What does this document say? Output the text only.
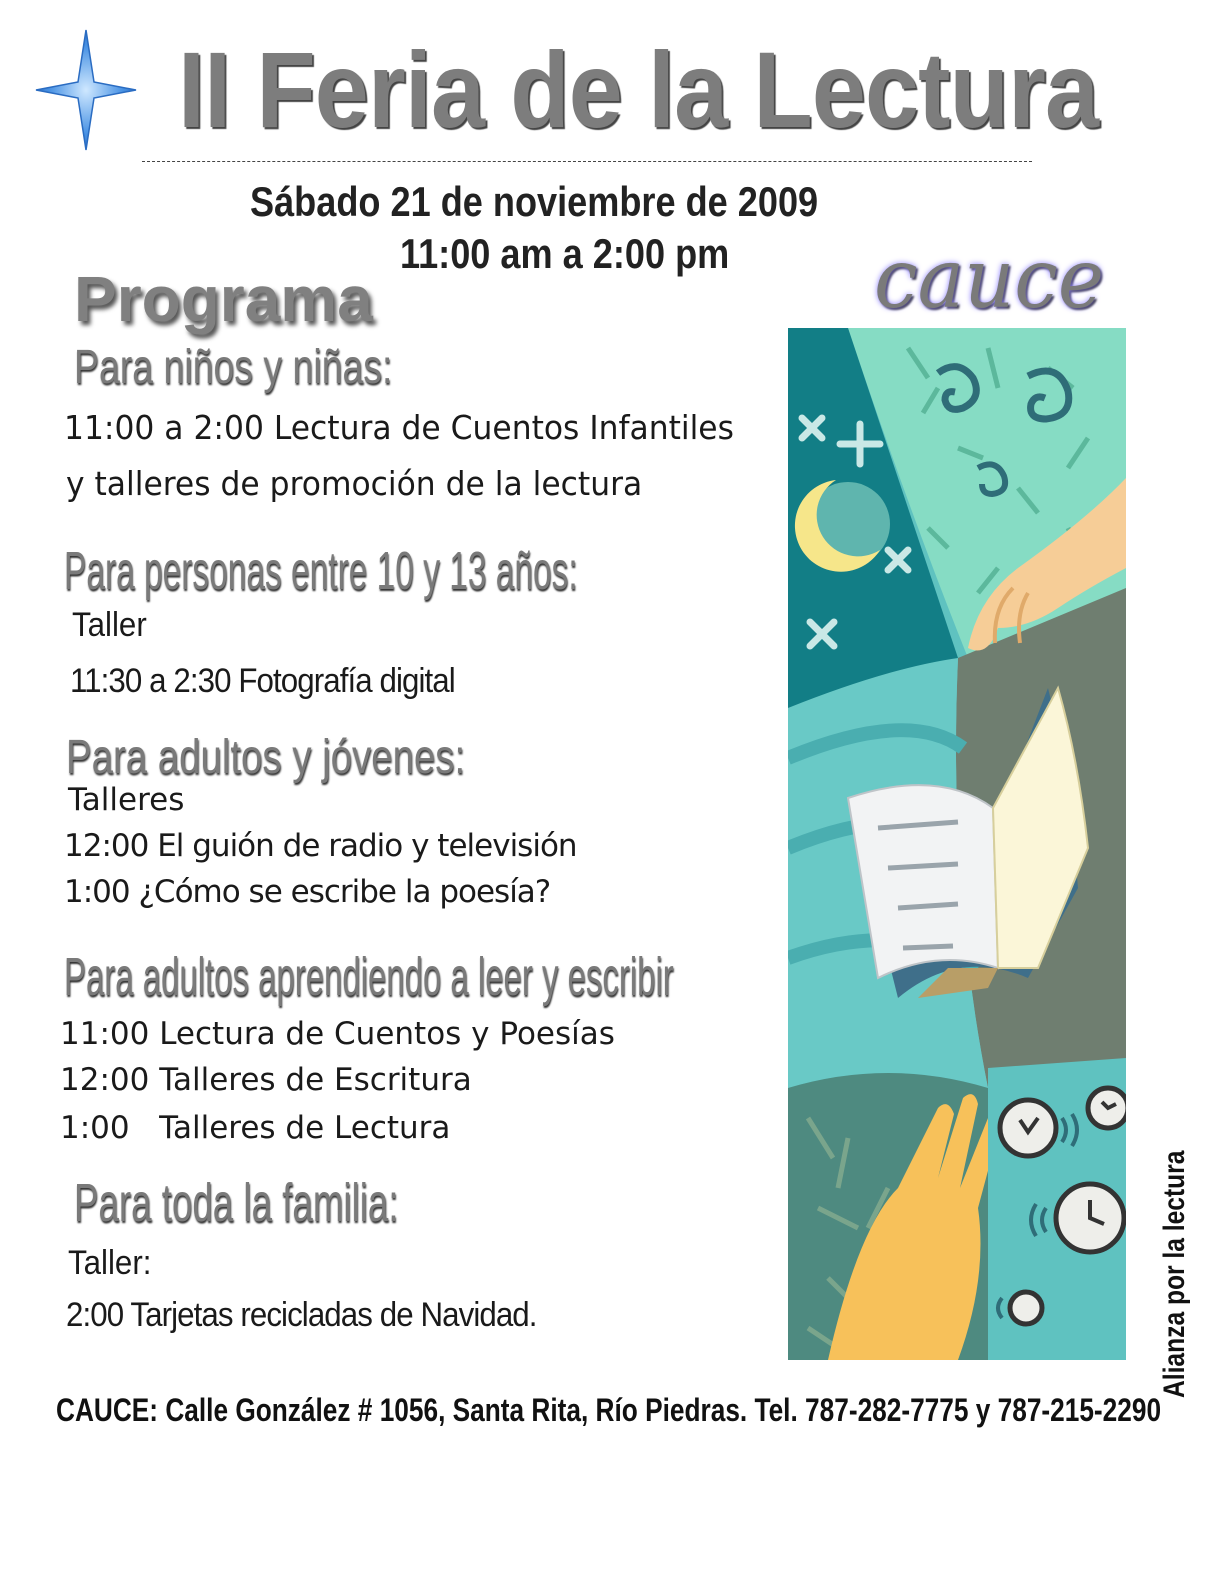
II Feria de la Lectura
Sábado 21 de noviembre de 2009
11:00 am a 2:00 pm
Programa	cauce
Para niños y niñas:
11:00 a 2:00 Lectura de Cuentos Infantiles
y talleres de promoción de la lectura
Para personas entre 10 y 13 años:
Taller
11:30 a 2:30 Fotografía digital
Para adultos y jóvenes:
Talleres
12:00 El guión de radio y televisión
1:00 ¿Cómo se escribe la poesía?
Para adultos aprendiendo a leer y escribir
11:00 Lectura de Cuentos y Poesías
12:00 Talleres de Escritura
1:00   Talleres de Lectura
Para toda la familia:
Taller:
2:00 Tarjetas recicladas de Navidad.	Alianza por la lectura
CAUCE: Calle González # 1056, Santa Rita, Río Piedras. Tel. 787-282-7775 y 787-215-2290
